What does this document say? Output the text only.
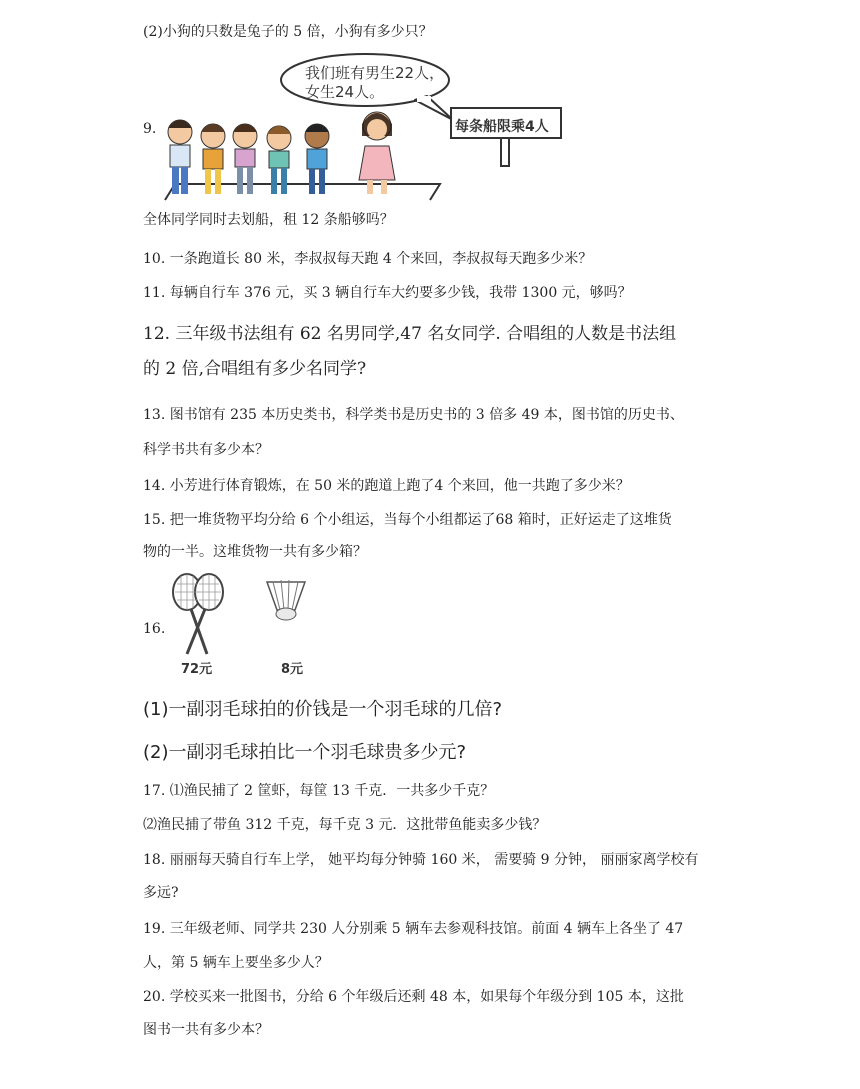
(2)小狗的只数是兔子的 5 倍，小狗有多少只？
9.	每条船限乘4人
我们班有男生22人，
女生24人。
全体同学同时去划船，租 12 条船够吗？
10. 一条跑道长 80 米，李叔叔每天跑 4 个来回，李叔叔每天跑多少米？
11. 每辆自行车 376 元，买 3 辆自行车大约要多少钱，我带 1300 元，够吗？
12. 三年级书法组有 62 名男同学,47 名女同学. 合唱组的人数是书法组
的 2 倍,合唱组有多少名同学?
13. 图书馆有 235 本历史类书，科学类书是历史书的 3 倍多 49 本，图书馆的历史书、
科学书共有多少本？
14. 小芳进行体育锻炼，在 50 米的跑道上跑了4 个来回，他一共跑了多少米？
15. 把一堆货物平均分给 6 个小组运，当每个小组都运了68 箱时，正好运走了这堆货
物的一半。这堆货物一共有多少箱？
16.
72元	8元
(1)一副羽毛球拍的价钱是一个羽毛球的几倍?
(2)一副羽毛球拍比一个羽毛球贵多少元?
17. ⑴渔民捕了 2 筐虾，每筐 13 千克．一共多少千克？
⑵渔民捕了带鱼 312 千克，每千克 3 元．这批带鱼能卖多少钱？
18. 丽丽每天骑自行车上学， 她平均每分钟骑 160 米， 需要骑 9 分钟， 丽丽家离学校有
多远?
19. 三年级老师、同学共 230 人分别乘 5 辆车去参观科技馆。前面 4 辆车上各坐了 47
人，第 5 辆车上要坐多少人？
20. 学校买来一批图书，分给 6 个年级后还剩 48 本，如果每个年级分到 105 本，这批
图书一共有多少本？
